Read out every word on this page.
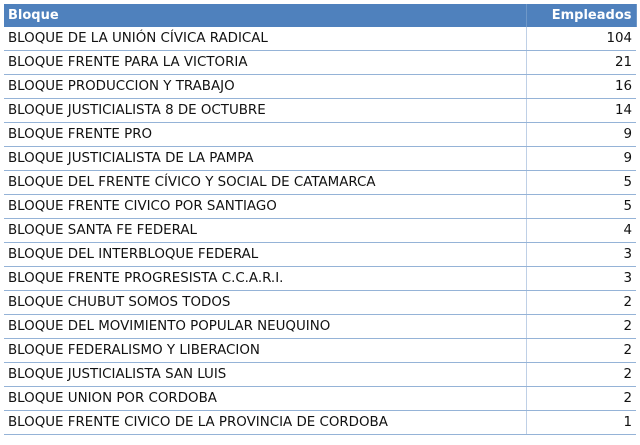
Bloque	Empleados
BLOQUE DE LA UNIÓN CÍVICA RADICAL	104
BLOQUE FRENTE PARA LA VICTORIA	21
BLOQUE PRODUCCION Y TRABAJO	16
BLOQUE JUSTICIALISTA 8 DE OCTUBRE	14
BLOQUE FRENTE PRO	9
BLOQUE JUSTICIALISTA DE LA PAMPA	9
BLOQUE DEL FRENTE CÍVICO Y SOCIAL DE CATAMARCA	5
BLOQUE FRENTE CIVICO POR SANTIAGO	5
BLOQUE SANTA FE FEDERAL	4
BLOQUE DEL INTERBLOQUE FEDERAL	3
BLOQUE FRENTE PROGRESISTA C.C.A.R.I.	3
BLOQUE CHUBUT SOMOS TODOS	2
BLOQUE DEL MOVIMIENTO POPULAR NEUQUINO	2
BLOQUE FEDERALISMO Y LIBERACION	2
BLOQUE JUSTICIALISTA SAN LUIS	2
BLOQUE UNION POR CORDOBA	2
BLOQUE FRENTE CIVICO DE LA PROVINCIA DE CORDOBA	1
